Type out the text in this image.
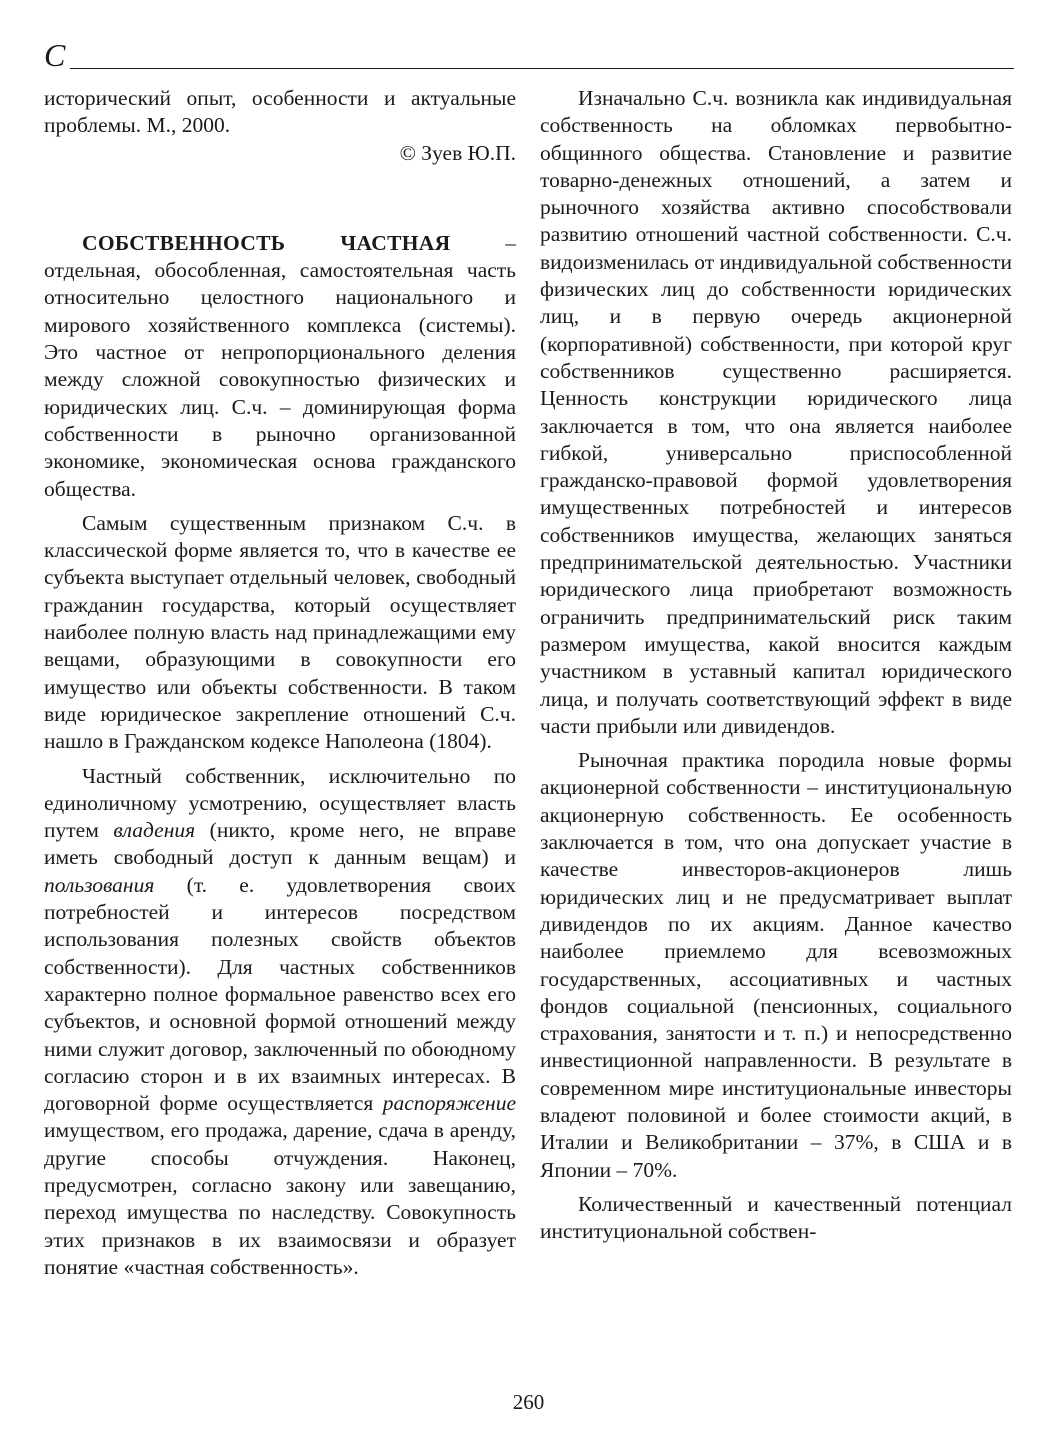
С

исторический опыт, особенности и актуальные проблемы. М., 2000.

© Зуев Ю.П.

СОБСТВЕННОСТЬ ЧАСТНАЯ – отдельная, обособленная, самостоятельная часть относительно целостного национального и мирового хозяйственного комплекса (системы). Это частное от непропорционального деления между сложной совокупностью физических и юридических лиц. С.ч. – доминирующая форма собственности в рыночно организованной экономике, экономическая основа гражданского общества.

Самым существенным признаком С.ч. в классической форме является то, что в качестве ее субъекта выступает отдельный человек, свободный гражданин государства, который осуществляет наиболее полную власть над принадлежащими ему вещами, образующими в совокупности его имущество или объекты собственности. В таком виде юридическое закрепление отношений С.ч. нашло в Гражданском кодексе Наполеона (1804).

Частный собственник, исключительно по единоличному усмотрению, осуществляет власть путем владения (никто, кроме него, не вправе иметь свободный доступ к данным вещам) и пользования (т. е. удовлетворения своих потребностей и интересов посредством использования полезных свойств объектов собственности). Для частных собственников характерно полное формальное равенство всех его субъектов, и основной формой отношений между ними служит договор, заключенный по обоюдному согласию сторон и в их взаимных интересах. В договорной форме осуществляется распоряжение имуществом, его продажа, дарение, сдача в аренду, другие способы отчуждения. Наконец, предусмотрен, согласно закону или завещанию, переход имущества по наследству. Совокупность этих признаков в их взаимосвязи и образует понятие «частная собственность».

Изначально С.ч. возникла как индивидуальная собственность на обломках первобытно-общинного общества. Становление и развитие товарно-денежных отношений, а затем и рыночного хозяйства активно способствовали развитию отношений частной собственности. С.ч. видоизменилась от индивидуальной собственности физических лиц до собственности юридических лиц, и в первую очередь акционерной (корпоративной) собственности, при которой круг собственников существенно расширяется. Ценность конструкции юридического лица заключается в том, что она является наиболее гибкой, универсально приспособленной гражданско-правовой формой удовлетворения имущественных потребностей и интересов собственников имущества, желающих заняться предпринимательской деятельностью. Участники юридического лица приобретают возможность ограничить предпринимательский риск таким размером имущества, какой вносится каждым участником в уставный капитал юридического лица, и получать соответствующий эффект в виде части прибыли или дивидендов.

Рыночная практика породила новые формы акционерной собственности – институциональную акционерную собственность. Ее особенность заключается в том, что она допускает участие в качестве инвесторов-акционеров лишь юридических лиц и не предусматривает выплат дивидендов по их акциям. Данное качество наиболее приемлемо для всевозможных государственных, ассоциативных и частных фондов социальной (пенсионных, социального страхования, занятости и т. п.) и непосредственно инвестиционной направленности. В результате в современном мире институциональные инвесторы владеют половиной и более стоимости акций, в Италии и Великобритании – 37%, в США и в Японии – 70%.

Количественный и качественный потенциал институциональной собствен-

260
